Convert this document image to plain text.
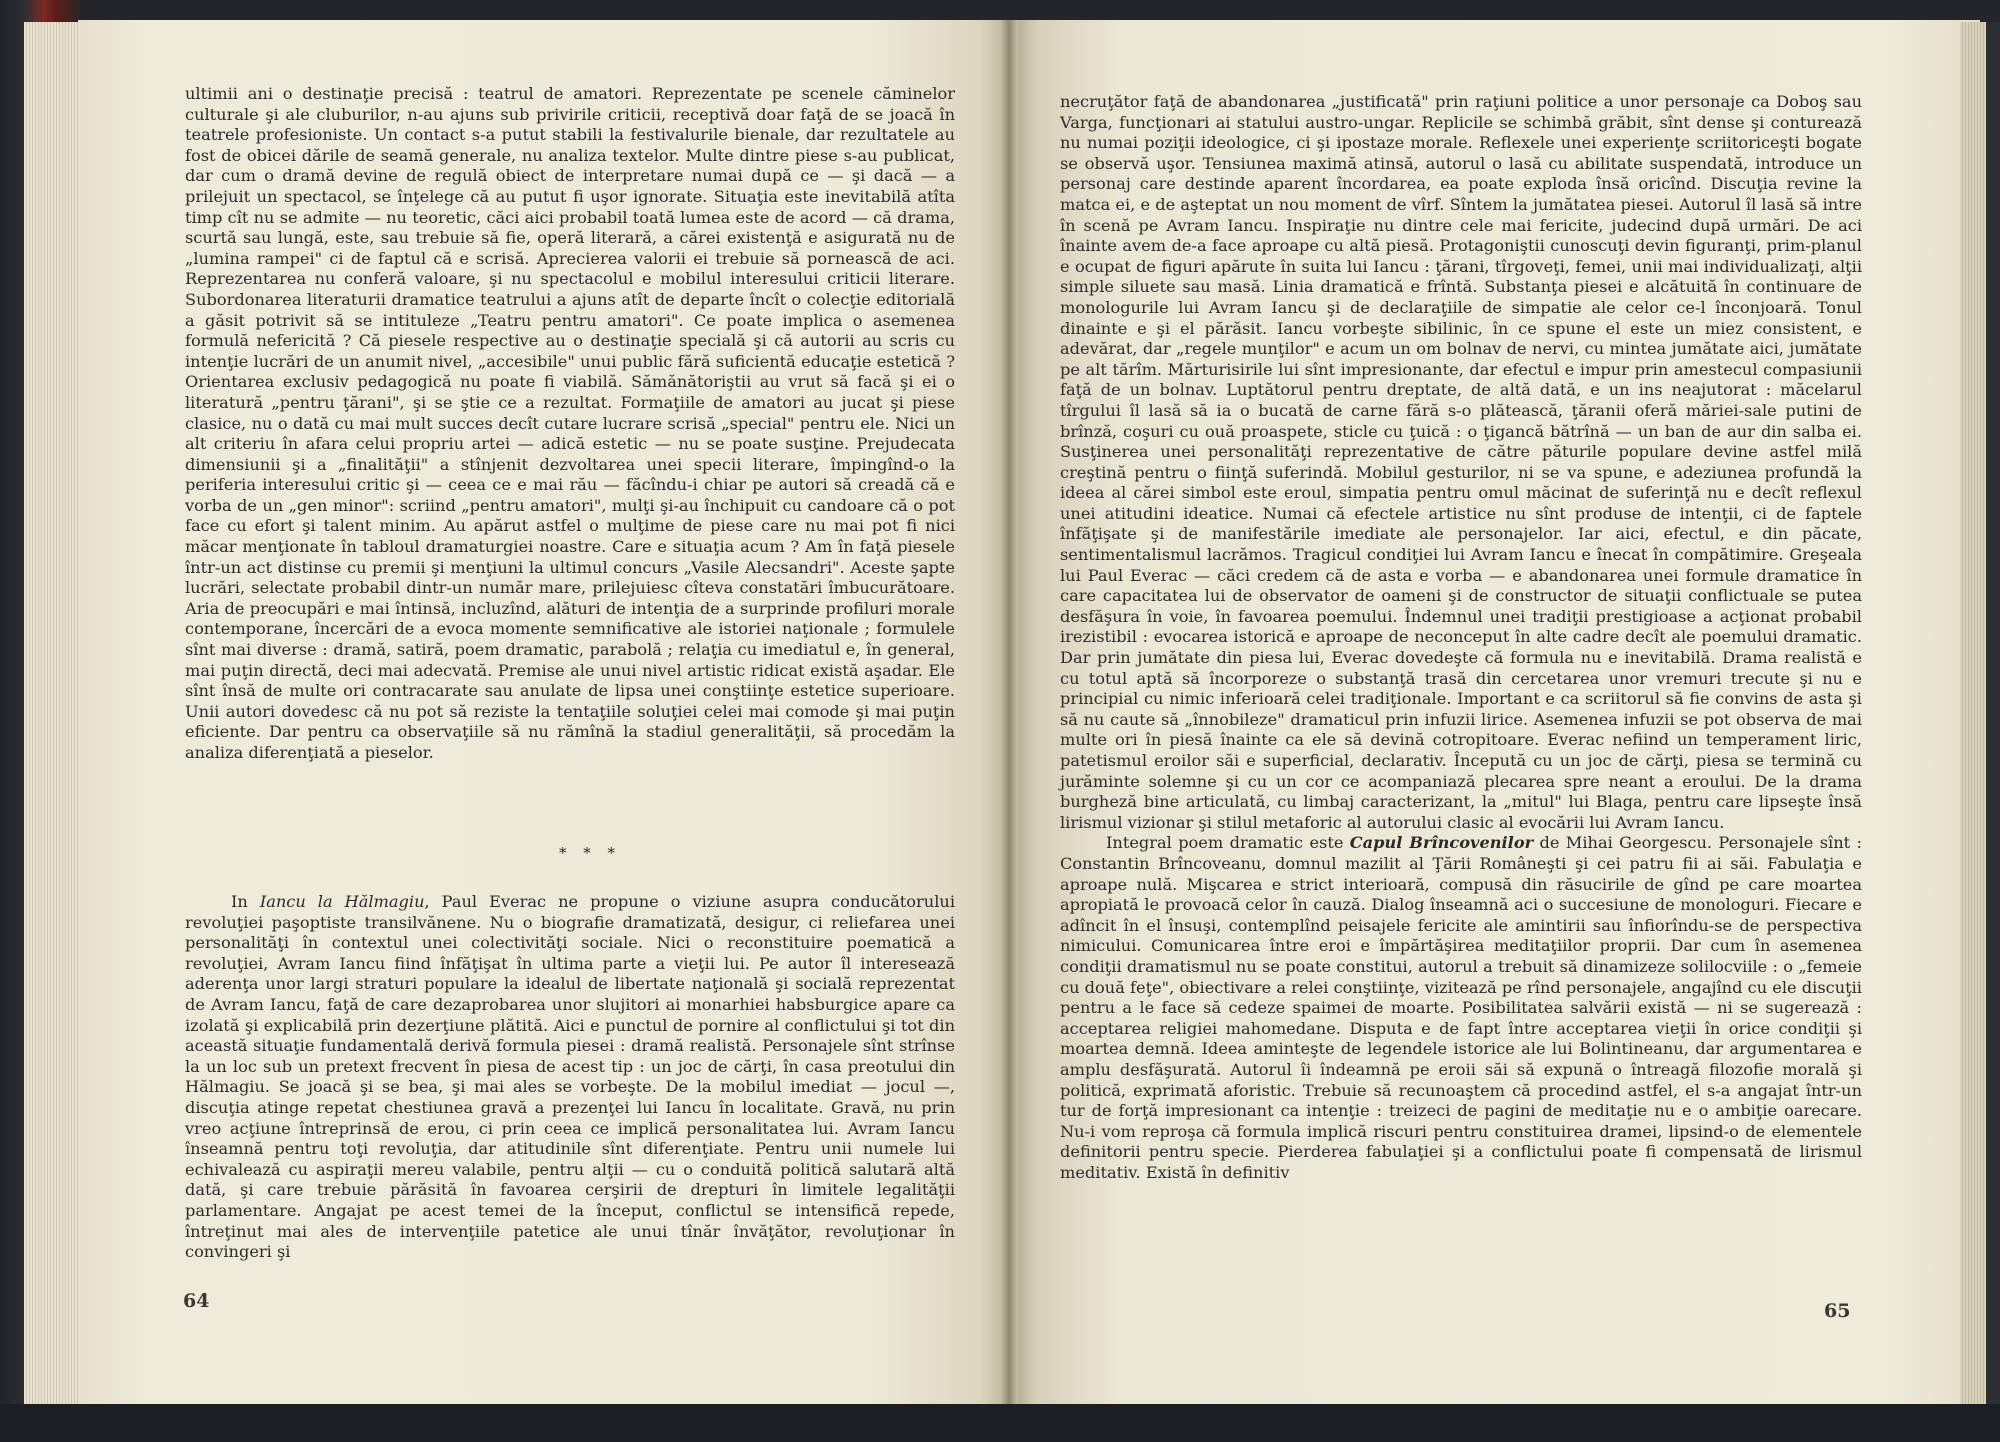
ultimii ani o destinaţie precisă : teatrul de amatori. Reprezentate pe scenele căminelor culturale şi ale cluburilor, n-au ajuns sub privirile criticii, receptivă doar faţă de se joacă în teatrele profesioniste. Un contact s-a putut stabili la festivalurile bienale, dar rezultatele au fost de obicei dările de seamă generale, nu analiza textelor. Multe dintre piese s-au publicat, dar cum o dramă devine de regulă obiect de interpretare numai după ce — şi dacă — a prilejuit un spectacol, se înţelege că au putut fi uşor ignorate. Situaţia este inevitabilă atîta timp cît nu se admite — nu teoretic, căci aici probabil toată lumea este de acord — că drama, scurtă sau lungă, este, sau trebuie să fie, operă literară, a cărei existenţă e asigurată nu de „lumina rampei" ci de faptul că e scrisă. Aprecierea valorii ei trebuie să pornească de aci. Reprezentarea nu conferă valoare, şi nu spectacolul e mobilul interesului criticii literare. Subordonarea literaturii dramatice teatrului a ajuns atît de departe încît o colecţie editorială a găsit potrivit să se intituleze „Teatru pentru amatori". Ce poate implica o asemenea formulă nefericită ? Că piesele respective au o destinaţie specială şi că autorii au scris cu intenţie lucrări de un anumit nivel, „accesibile" unui public fără suficientă educaţie estetică ? Orientarea exclusiv pedagogică nu poate fi viabilă. Sămănătoriştii au vrut să facă şi ei o literatură „pentru ţărani", şi se ştie ce a rezultat. Formaţiile de amatori au jucat şi piese clasice, nu o dată cu mai mult succes decît cutare lucrare scrisă „special" pentru ele. Nici un alt criteriu în afara celui propriu artei — adică estetic — nu se poate susţine. Prejudecata dimensiunii şi a „finalităţii" a stînjenit dezvoltarea unei specii literare, împingînd-o la periferia interesului critic şi — ceea ce e mai rău — făcîndu-i chiar pe autori să creadă că e vorba de un „gen minor": scriind „pentru amatori", mulţi şi-au închipuit cu candoare că o pot face cu efort şi talent minim. Au apărut astfel o mulţime de piese care nu mai pot fi nici măcar menţionate în tabloul dramaturgiei noastre. Care e situaţia acum ? Am în faţă piesele într-un act distinse cu premii şi menţiuni la ultimul concurs „Vasile Alecsandri". Aceste şapte lucrări, selectate probabil dintr-un număr mare, prilejuiesc cîteva constatări îmbucurătoare. Aria de preocupări e mai întinsă, incluzînd, alături de intenţia de a surprinde profiluri morale contemporane, încercări de a evoca momente semnificative ale istoriei naţionale ; formulele sînt mai diverse : dramă, satiră, poem dramatic, parabolă ; relaţia cu imediatul e, în general, mai puţin directă, deci mai adecvată. Premise ale unui nivel artistic ridicat există aşadar. Ele sînt însă de multe ori contracarate sau anulate de lipsa unei conştiinţe estetice superioare. Unii autori dovedesc că nu pot să reziste la tentaţiile soluţiei celei mai comode şi mai puţin eficiente. Dar pentru ca observaţiile să nu rămînă la stadiul generalităţii, să procedăm la analiza diferenţiată a pieselor.

* * *

In Iancu la Hălmagiu, Paul Everac ne propune o viziune asupra conducătorului revoluţiei paşoptiste transilvănene. Nu o biografie dramatizată, desigur, ci reliefarea unei personalităţi în contextul unei colectivităţi sociale. Nici o reconstituire poematică a revoluţiei, Avram Iancu fiind înfăţişat în ultima parte a vieţii lui. Pe autor îl interesează aderenţa unor largi straturi populare la idealul de libertate naţională şi socială reprezentat de Avram Iancu, faţă de care dezaprobarea unor slujitori ai monarhiei habsburgice apare ca izolată şi explicabilă prin dezerţiune plătită. Aici e punctul de pornire al conflictului şi tot din această situaţie fundamentală derivă formula piesei : dramă realistă. Personajele sînt strînse la un loc sub un pretext frecvent în piesa de acest tip : un joc de cărţi, în casa preotului din Hălmagiu. Se joacă şi se bea, şi mai ales se vorbeşte. De la mobilul imediat — jocul —, discuţia atinge repetat chestiunea gravă a prezenţei lui Iancu în localitate. Gravă, nu prin vreo acţiune întreprinsă de erou, ci prin ceea ce implică personalitatea lui. Avram Iancu înseamnă pentru toţi revoluţia, dar atitudinile sînt diferenţiate. Pentru unii numele lui echivalează cu aspiraţii mereu valabile, pentru alţii — cu o conduită politică salutară altă dată, şi care trebuie părăsită în favoarea cerşirii de drepturi în limitele legalităţii parlamentare. Angajat pe acest temei de la început, conflictul se intensifică repede, întreţinut mai ales de intervenţiile patetice ale unui tînăr învăţător, revoluţionar în convingeri şi

64

necruţător faţă de abandonarea „justificată" prin raţiuni politice a unor personaje ca Doboş sau Varga, funcţionari ai statului austro-ungar. Replicile se schimbă grăbit, sînt dense şi conturează nu numai poziţii ideologice, ci şi ipostaze morale. Reflexele unei experienţe scriitoriceşti bogate se observă uşor. Tensiunea maximă atinsă, autorul o lasă cu abilitate suspendată, introduce un personaj care destinde aparent încordarea, ea poate exploda însă oricînd. Discuţia revine la matca ei, e de aşteptat un nou moment de vîrf. Sîntem la jumătatea piesei. Autorul îl lasă să intre în scenă pe Avram Iancu. Inspiraţie nu dintre cele mai fericite, judecind după urmări. De aci înainte avem de-a face aproape cu altă piesă. Protagoniştii cunoscuţi devin figuranţi, prim-planul e ocupat de figuri apărute în suita lui Iancu : ţărani, tîrgoveţi, femei, unii mai individualizaţi, alţii simple siluete sau masă. Linia dramatică e frîntă. Substanţa piesei e alcătuită în continuare de monologurile lui Avram Iancu şi de declaraţiile de simpatie ale celor ce-l înconjoară. Tonul dinainte e şi el părăsit. Iancu vorbeşte sibilinic, în ce spune el este un miez consistent, e adevărat, dar „regele munţilor" e acum un om bolnav de nervi, cu mintea jumătate aici, jumătate pe alt tărîm. Mărturisirile lui sînt impresionante, dar efectul e impur prin amestecul compasiunii faţă de un bolnav. Luptătorul pentru dreptate, de altă dată, e un ins neajutorat : măcelarul tîrgului îl lasă să ia o bucată de carne fără s-o plătească, ţăranii oferă măriei-sale putini de brînză, coşuri cu ouă proaspete, sticle cu ţuică : o ţigancă bătrînă — un ban de aur din salba ei. Susţinerea unei personalităţi reprezentative de către păturile populare devine astfel milă creştină pentru o fiinţă suferindă. Mobilul gesturilor, ni se va spune, e adeziunea profundă la ideea al cărei simbol este eroul, simpatia pentru omul măcinat de suferinţă nu e decît reflexul unei atitudini ideatice. Numai că efectele artistice nu sînt produse de intenţii, ci de faptele înfăţişate şi de manifestările imediate ale personajelor. Iar aici, efectul, e din păcate, sentimentalismul lacrămos. Tragicul condiţiei lui Avram Iancu e înecat în compătimire. Greşeala lui Paul Everac — căci credem că de asta e vorba — e abandonarea unei formule dramatice în care capacitatea lui de observator de oameni şi de constructor de situaţii conflictuale se putea desfăşura în voie, în favoarea poemului. Îndemnul unei tradiţii prestigioase a acţionat probabil irezistibil : evocarea istorică e aproape de neconceput în alte cadre decît ale poemului dramatic. Dar prin jumătate din piesa lui, Everac dovedeşte că formula nu e inevitabilă. Drama realistă e cu totul aptă să încorporeze o substanţă trasă din cercetarea unor vremuri trecute şi nu e principial cu nimic inferioară celei tradiţionale. Important e ca scriitorul să fie convins de asta şi să nu caute să „înnobileze" dramaticul prin infuzii lirice. Asemenea infuzii se pot observa de mai multe ori în piesă înainte ca ele să devină cotropitoare. Everac nefiind un temperament liric, patetismul eroilor săi e superficial, declarativ. Începută cu un joc de cărţi, piesa se termină cu jurăminte solemne şi cu un cor ce acompaniază plecarea spre neant a eroului. De la drama burgheză bine articulată, cu limbaj caracterizant, la „mitul" lui Blaga, pentru care lipseşte însă lirismul vizionar şi stilul metaforic al autorului clasic al evocării lui Avram Iancu.

Integral poem dramatic este Capul Brîncovenilor de Mihai Georgescu. Personajele sînt : Constantin Brîncoveanu, domnul mazilit al Ţării Româneşti şi cei patru fii ai săi. Fabulaţia e aproape nulă. Mişcarea e strict interioară, compusă din răsucirile de gînd pe care moartea apropiată le provoacă celor în cauză. Dialog înseamnă aci o succesiune de monologuri. Fiecare e adîncit în el însuşi, contemplînd peisajele fericite ale amintirii sau înfiorîndu-se de perspectiva nimicului. Comunicarea între eroi e împărtăşirea meditaţiilor proprii. Dar cum în asemenea condiţii dramatismul nu se poate constitui, autorul a trebuit să dinamizeze solilocviile : o „femeie cu două feţe", obiectivare a relei conştiinţe, vizitează pe rînd personajele, angajînd cu ele discuţii pentru a le face să cedeze spaimei de moarte. Posibilitatea salvării există — ni se sugerează : acceptarea religiei mahomedane. Disputa e de fapt între acceptarea vieţii în orice condiţii şi moartea demnă. Ideea aminteşte de legendele istorice ale lui Bolintineanu, dar argumentarea e amplu desfăşurată. Autorul îi îndeamnă pe eroii săi să expună o întreagă filozofie morală şi politică, exprimată aforistic. Trebuie să recunoaştem că procedind astfel, el s-a angajat într-un tur de forţă impresionant ca intenţie : treizeci de pagini de meditaţie nu e o ambiţie oarecare. Nu-i vom reproşa că formula implică riscuri pentru constituirea dramei, lipsind-o de elementele definitorii pentru specie. Pierderea fabulaţiei şi a conflictului poate fi compensată de lirismul meditativ. Există în definitiv

65
